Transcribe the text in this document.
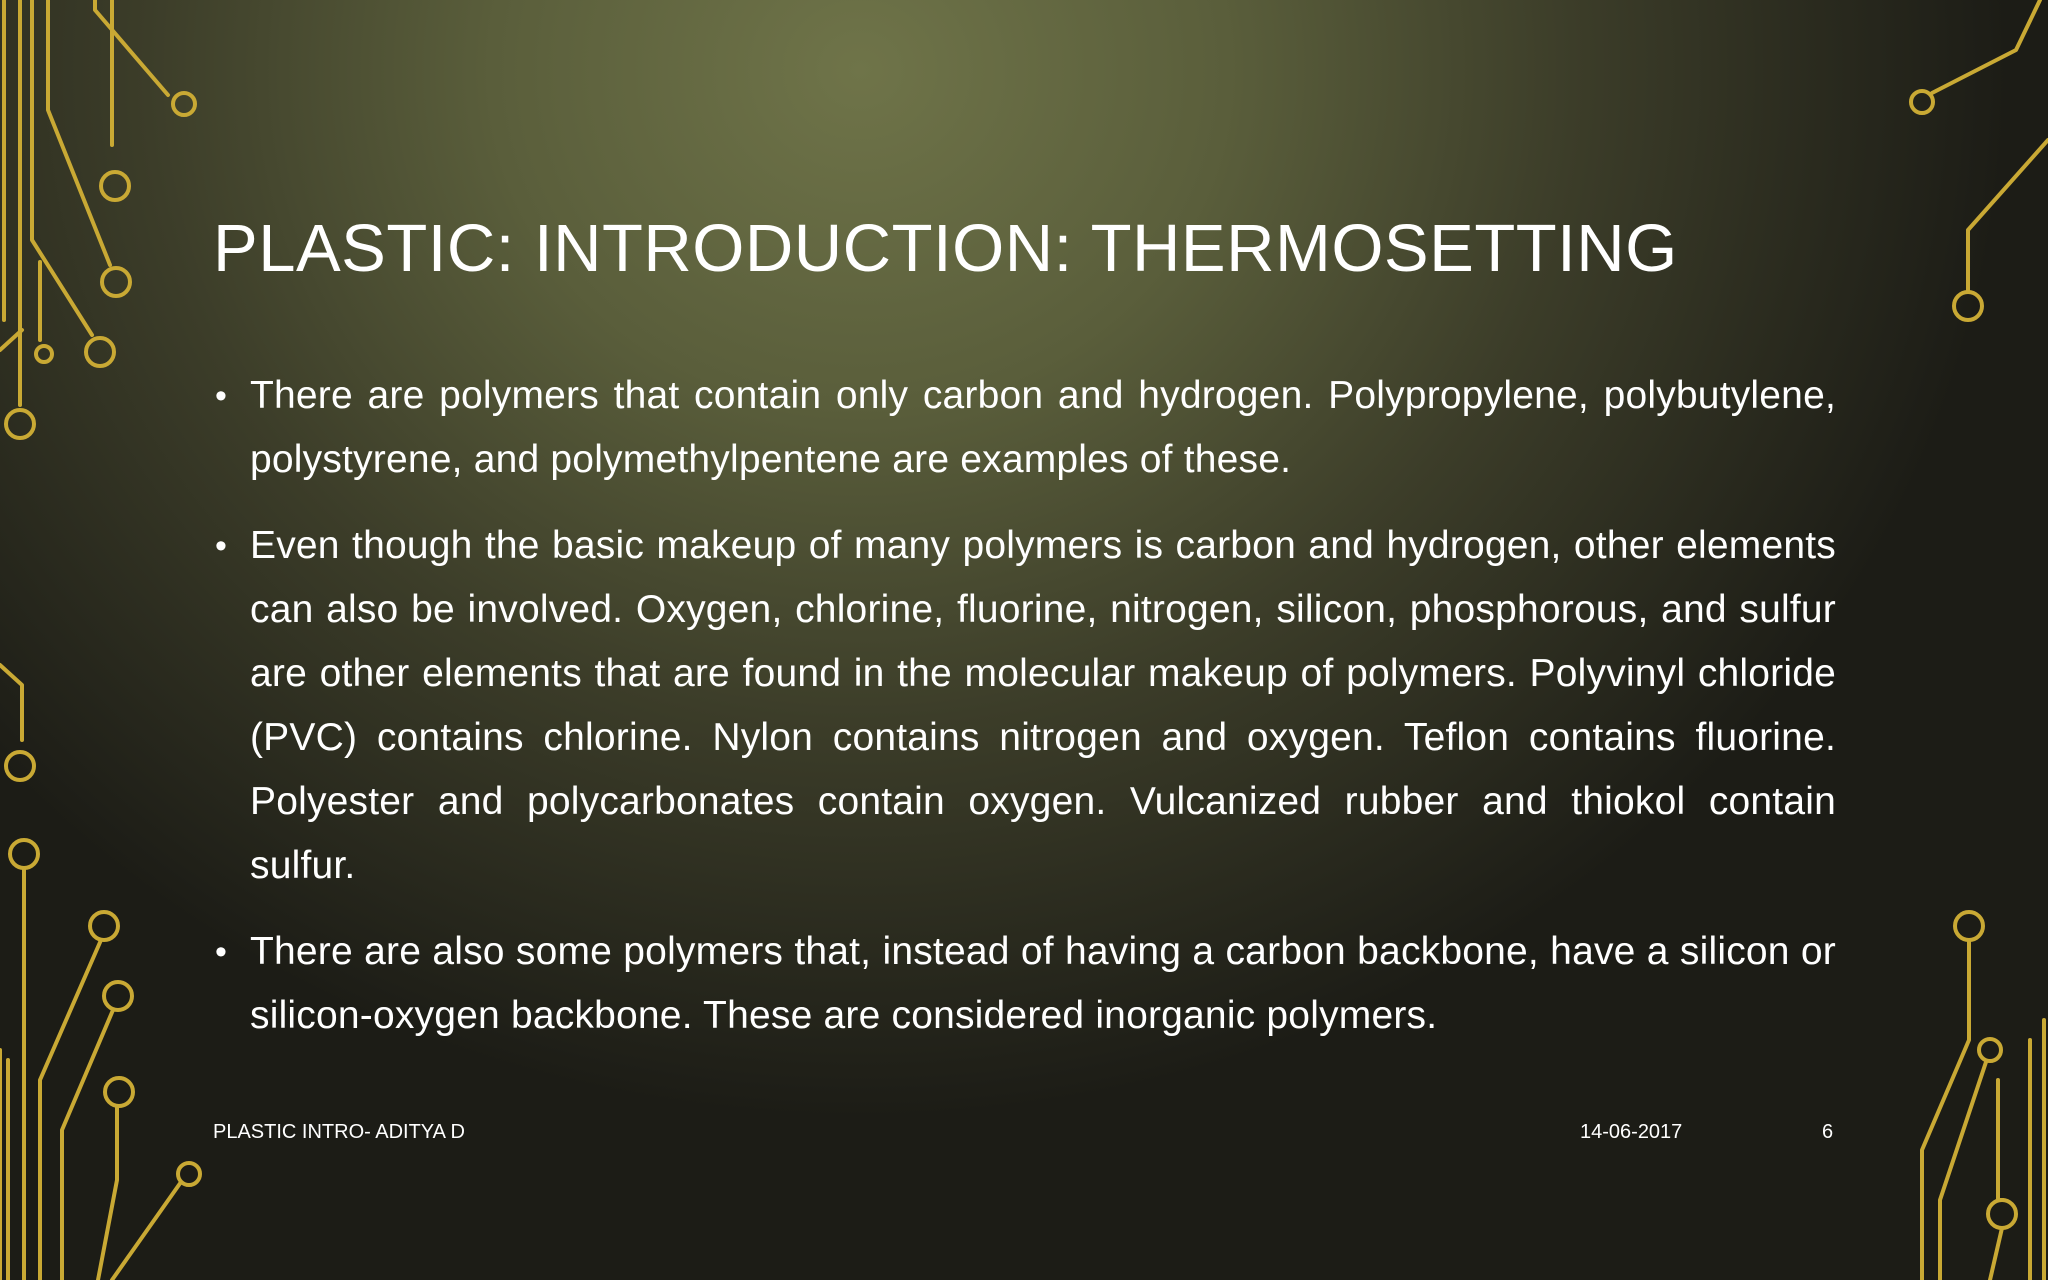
PLASTIC: INTRODUCTION: THERMOSETTING
• There are polymers that contain only carbon and hydrogen. Polypropylene, polybutylene, polystyrene, and polymethylpentene are examples of these.
• Even though the basic makeup of many polymers is carbon and hydrogen, other elements can also be involved. Oxygen, chlorine, fluorine, nitrogen, silicon, phosphorous, and sulfur are other elements that are found in the molecular makeup of polymers. Polyvinyl chloride (PVC) contains chlorine. Nylon contains nitrogen and oxygen. Teflon contains fluorine. Polyester and polycarbonates contain oxygen. Vulcanized rubber and thiokol contain sulfur.
• There are also some polymers that, instead of having a carbon backbone, have a silicon or silicon-oxygen backbone. These are considered inorganic polymers.
PLASTIC INTRO- ADITYA D	14-06-2017	6
